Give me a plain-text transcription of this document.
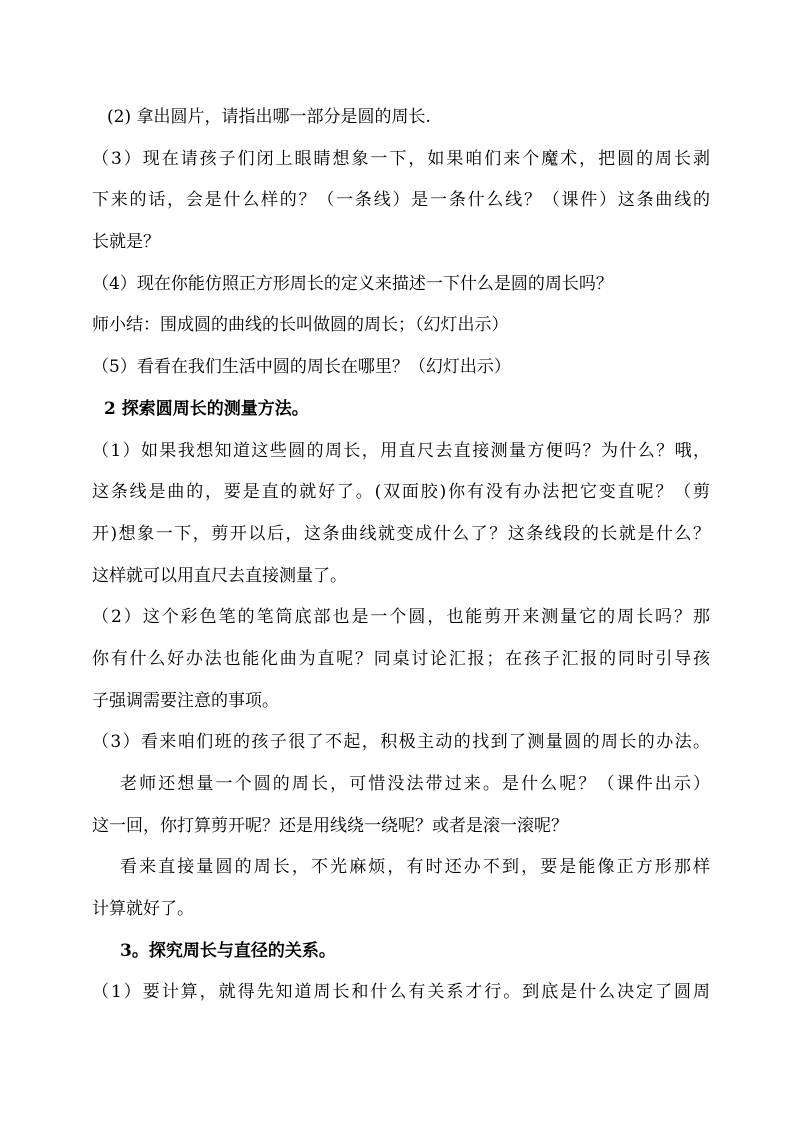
(2) 拿出圆片，请指出哪一部分是圆的周长.
（3）现在请孩子们闭上眼睛想象一下，如果咱们来个魔术，把圆的周长剥
下来的话，会是什么样的？（一条线）是一条什么线？（课件）这条曲线的
长就是？
（4）现在你能仿照正方形周长的定义来描述一下什么是圆的周长吗？
师小结：围成圆的曲线的长叫做圆的周长；（幻灯出示）
（5）看看在我们生活中圆的周长在哪里？（幻灯出示）
2 探索圆周长的测量方法。
（1）如果我想知道这些圆的周长，用直尺去直接测量方便吗？为什么？哦，
这条线是曲的，要是直的就好了。(双面胶)你有没有办法把它变直呢？（剪
开)想象一下，剪开以后，这条曲线就变成什么了？这条线段的长就是什么？
这样就可以用直尺去直接测量了。
（2）这个彩色笔的笔筒底部也是一个圆，也能剪开来测量它的周长吗？那
你有什么好办法也能化曲为直呢？同桌讨论汇报；在孩子汇报的同时引导孩
子强调需要注意的事项。
（3）看来咱们班的孩子很了不起，积极主动的找到了测量圆的周长的办法。
老师还想量一个圆的周长，可惜没法带过来。是什么呢？（课件出示）
这一回，你打算剪开呢？还是用线绕一绕呢？或者是滚一滚呢？
看来直接量圆的周长，不光麻烦，有时还办不到，要是能像正方形那样
计算就好了。
3。探究周长与直径的关系。
（1）要计算，就得先知道周长和什么有关系才行。到底是什么决定了圆周
